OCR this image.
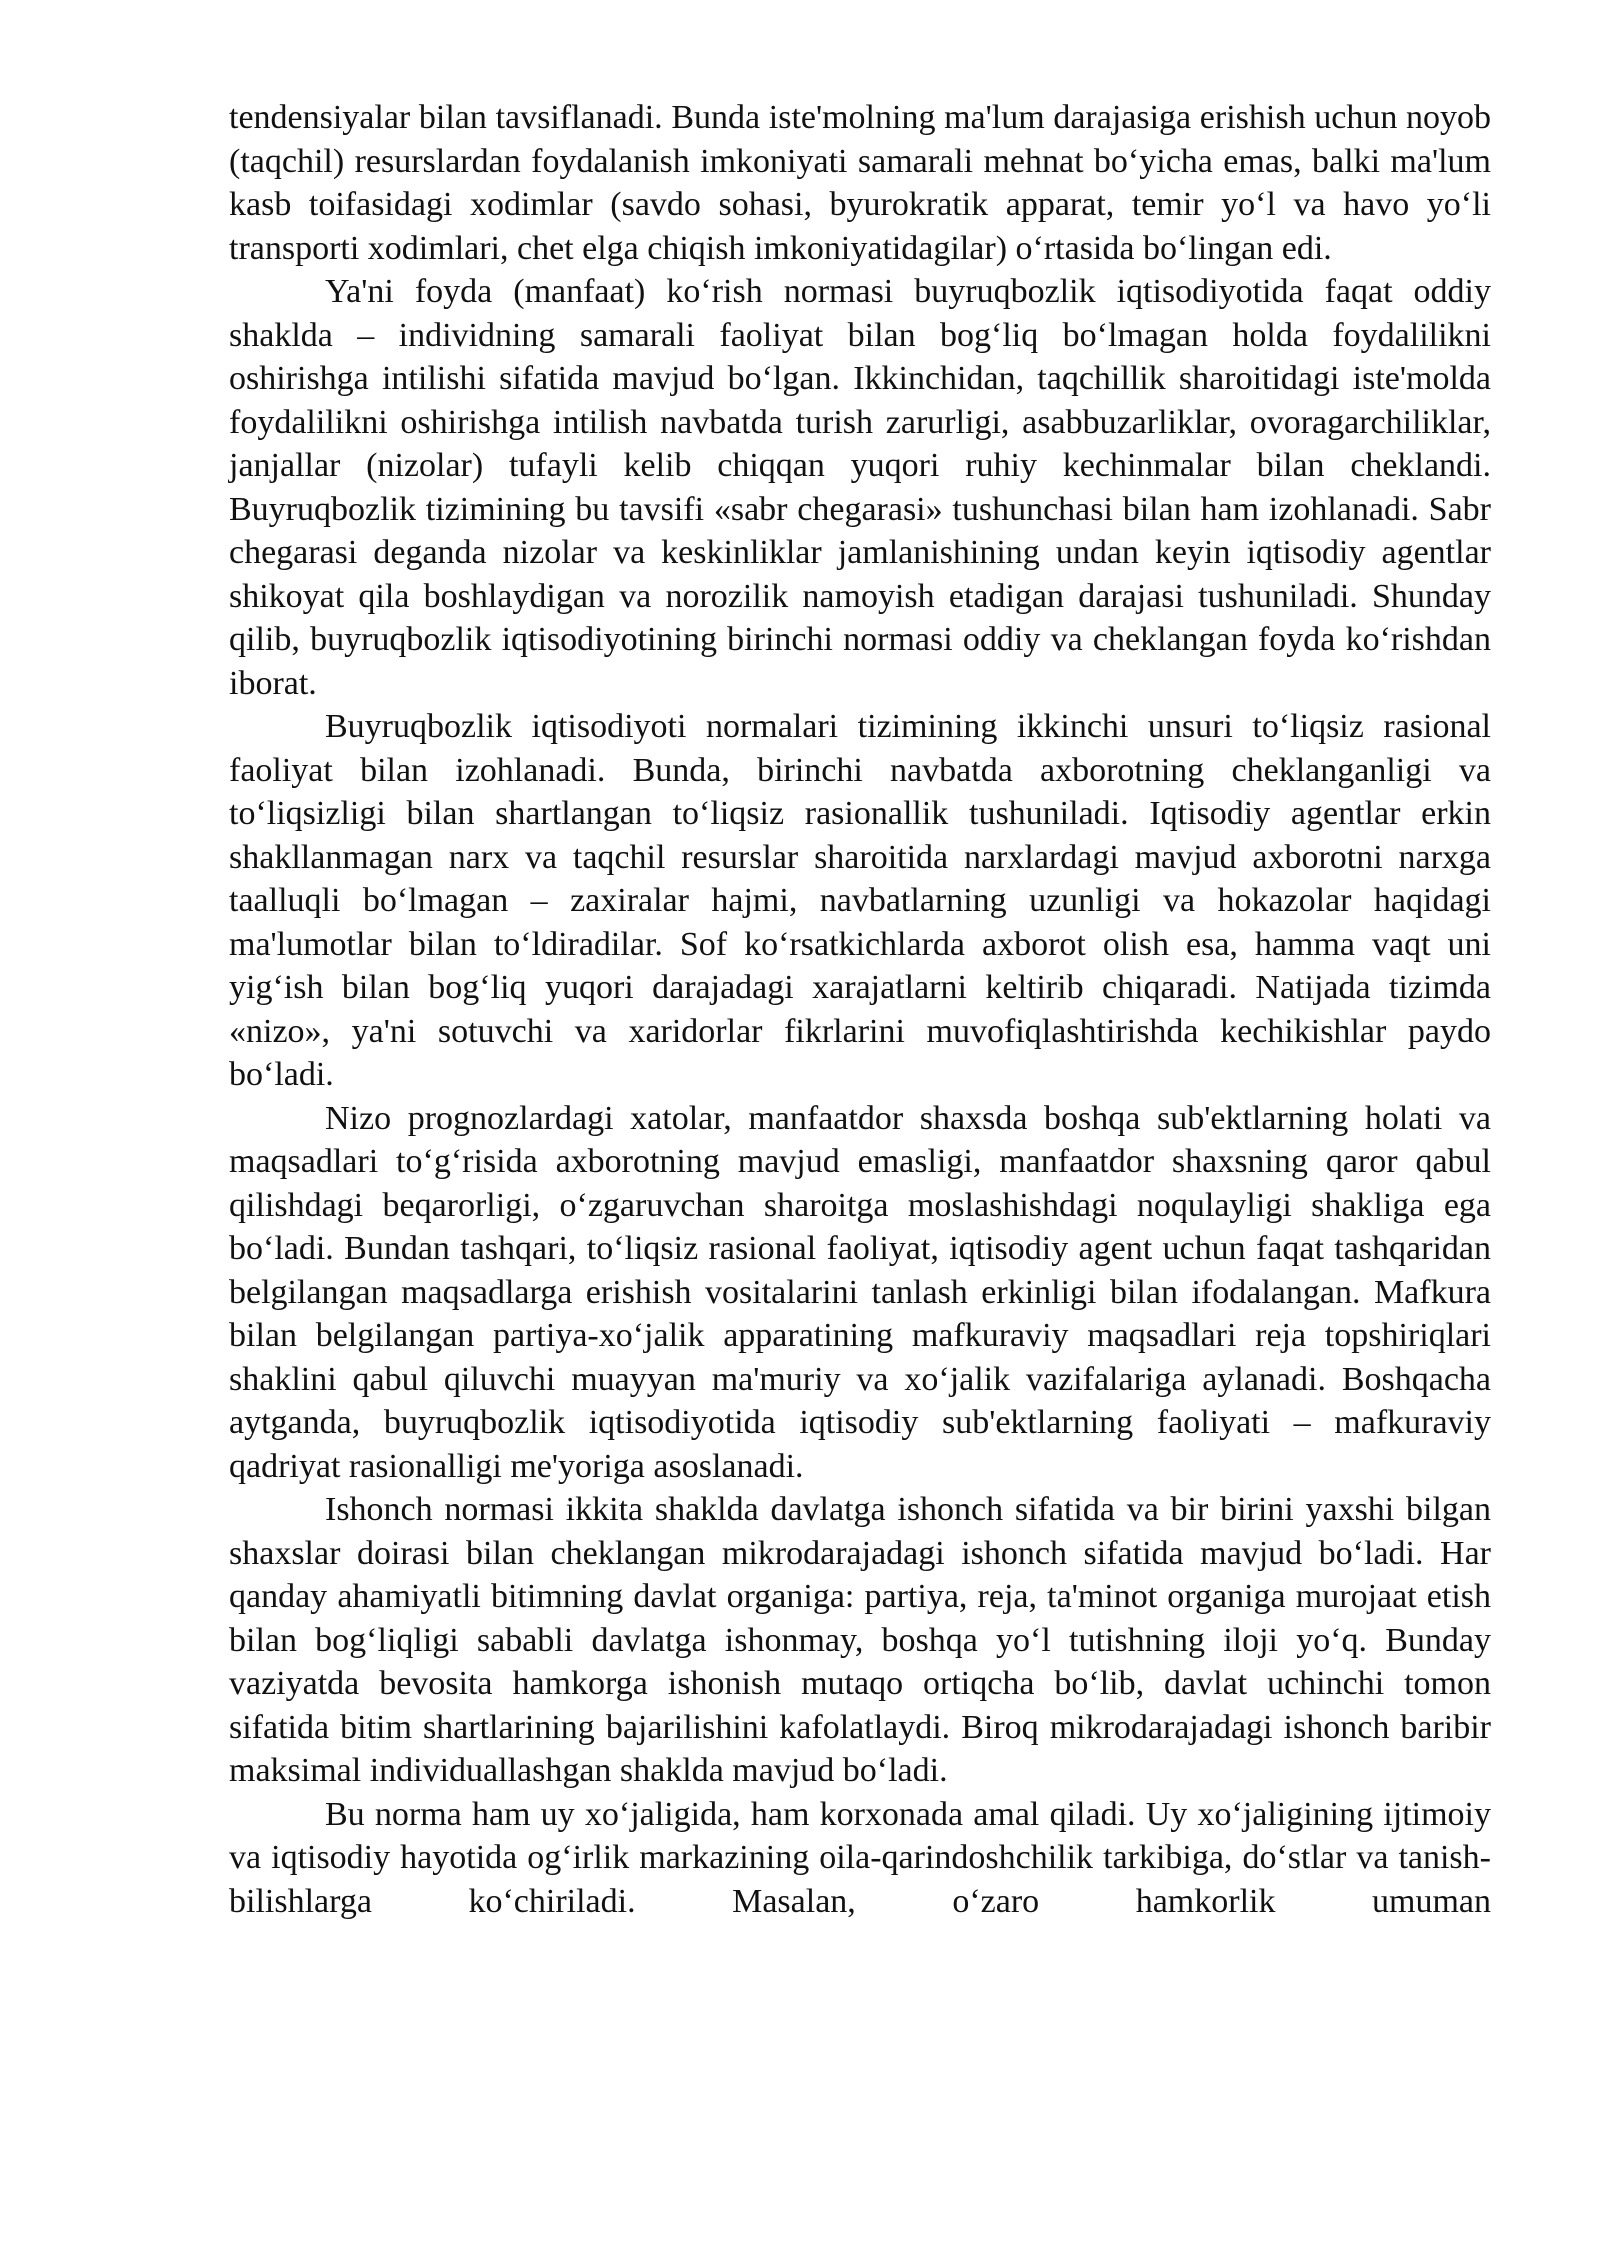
tendensiyalar bilan tavsiflanadi. Bunda iste'molning ma'lum darajasiga erishish uchun noyob (taqchil) resurslardan foydalanish imkoniyati samarali mehnat bo‘yicha emas, balki ma'lum kasb toifasidagi xodimlar (savdo sohasi, byurokratik apparat, temir yo‘l va havo yo‘li transporti xodimlari, chet elga chiqish imkoniyatidagilar) o‘rtasida bo‘lingan edi.

Ya'ni foyda (manfaat) ko‘rish normasi buyruqbozlik iqtisodiyotida faqat oddiy shaklda – individning samarali faoliyat bilan bog‘liq bo‘lmagan holda foydalilikni oshirishga intilishi sifatida mavjud bo‘lgan. Ikkinchidan, taqchillik sharoitidagi iste'molda foydalilikni oshirishga intilish navbatda turish zarurligi, asabbuzarliklar, ovoragarchiliklar, janjallar (nizolar) tufayli kelib chiqqan yuqori ruhiy kechinmalar bilan cheklandi. Buyruqbozlik tizimining bu tavsifi «sabr chegarasi» tushunchasi bilan ham izohlanadi. Sabr chegarasi deganda nizolar va keskinliklar jamlanishining undan keyin iqtisodiy agentlar shikoyat qila boshlaydigan va norozilik namoyish etadigan darajasi tushuniladi. Shunday qilib, buyruqbozlik iqtisodiyotining birinchi normasi oddiy va cheklangan foyda ko‘rishdan iborat.

Buyruqbozlik iqtisodiyoti normalari tizimining ikkinchi unsuri to‘liqsiz rasional faoliyat bilan izohlanadi. Bunda, birinchi navbatda axborotning cheklanganligi va to‘liqsizligi bilan shartlangan to‘liqsiz rasionallik tushuniladi. Iqtisodiy agentlar erkin shakllanmagan narx va taqchil resurslar sharoitida narxlardagi mavjud axborotni narxga taalluqli bo‘lmagan – zaxiralar hajmi, navbatlarning uzunligi va hokazolar haqidagi ma'lumotlar bilan to‘ldiradilar. Sof ko‘rsatkichlarda axborot olish esa, hamma vaqt uni yig‘ish bilan bog‘liq yuqori darajadagi xarajatlarni keltirib chiqaradi. Natijada tizimda «nizo», ya'ni sotuvchi va xaridorlar fikrlarini muvofiqlashtirishda kechikishlar paydo bo‘ladi.

Nizo prognozlardagi xatolar, manfaatdor shaxsda boshqa sub'ektlarning holati va maqsadlari to‘g‘risida axborotning mavjud emasligi, manfaatdor shaxsning qaror qabul qilishdagi beqarorligi, o‘zgaruvchan sharoitga moslashishdagi noqulayligi shakliga ega bo‘ladi. Bundan tashqari, to‘liqsiz rasional faoliyat, iqtisodiy agent uchun faqat tashqaridan belgilangan maqsadlarga erishish vositalarini tanlash erkinligi bilan ifodalangan. Mafkura bilan belgilangan partiya-xo‘jalik apparatining mafkuraviy maqsadlari reja topshiriqlari shaklini qabul qiluvchi muayyan ma'muriy va xo‘jalik vazifalariga aylanadi. Boshqacha aytganda, buyruqbozlik iqtisodiyotida iqtisodiy sub'ektlarning faoliyati – mafkuraviy qadriyat rasionalligi me'yoriga asoslanadi.

Ishonch normasi ikkita shaklda davlatga ishonch sifatida va bir birini yaxshi bilgan shaxslar doirasi bilan cheklangan mikrodarajadagi ishonch sifatida mavjud bo‘ladi. Har qanday ahamiyatli bitimning davlat organiga: partiya, reja, ta'minot organiga murojaat etish bilan bog‘liqligi sababli davlatga ishonmay, boshqa yo‘l tutishning iloji yo‘q. Bunday vaziyatda bevosita hamkorga ishonish mutaqo ortiqcha bo‘lib, davlat uchinchi tomon sifatida bitim shartlarining bajarilishini kafolatlaydi. Biroq mikrodarajadagi ishonch baribir maksimal individuallashgan shaklda mavjud bo‘ladi.

Bu norma ham uy xo‘jaligida, ham korxonada amal qiladi. Uy xo‘jaligining ijtimoiy va iqtisodiy hayotida og‘irlik markazining oila-qarindoshchilik tarkibiga, do‘stlar va tanish-bilishlarga ko‘chiriladi. Masalan, o‘zaro hamkorlik umuman
